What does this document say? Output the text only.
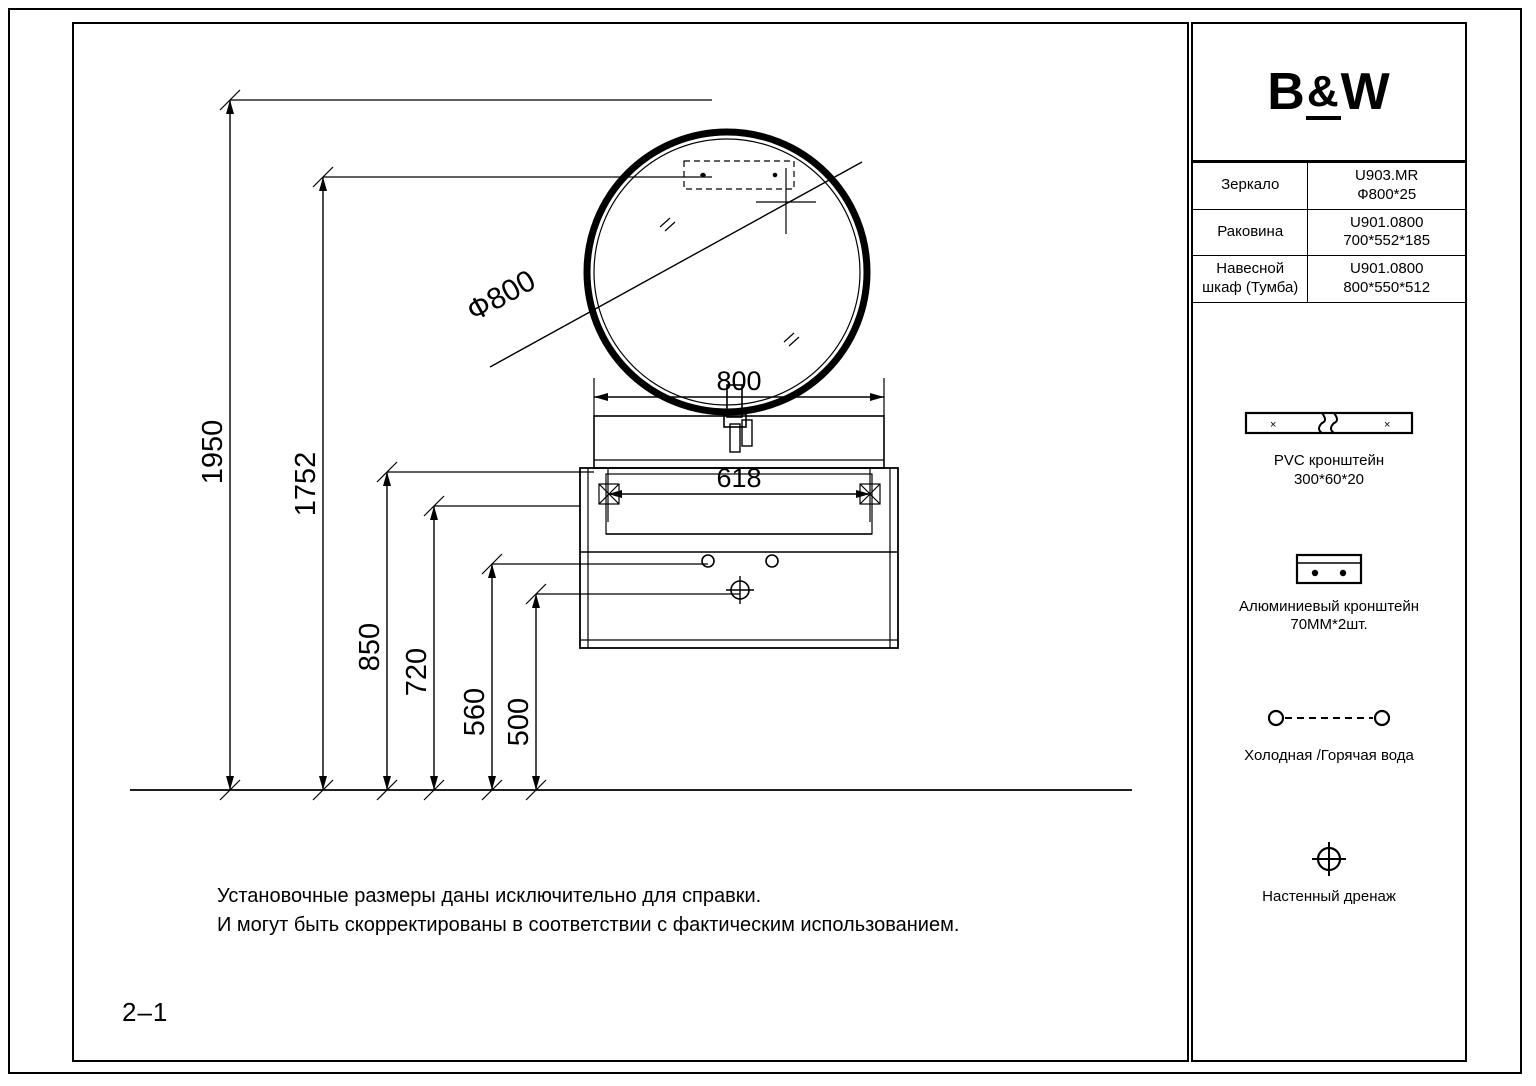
Ф800
800
618
1950 1752
850
720
560 500
Установочные размеры даны исключительно для справки.
И могут быть скорректированы в соответствии с фактическим использованием.
2–1
B&W
Зеркало	U903.MR
Ф800*25

Раковина	U901.0800
700*552*185

Навесной шкаф (Тумба)	U901.0800
800*550*512
×	×
PVC кронштейн
300*60*20
Алюминиевый кронштейн
70ММ*2шт.
Холодная /Горячая вода
Настенный дренаж
